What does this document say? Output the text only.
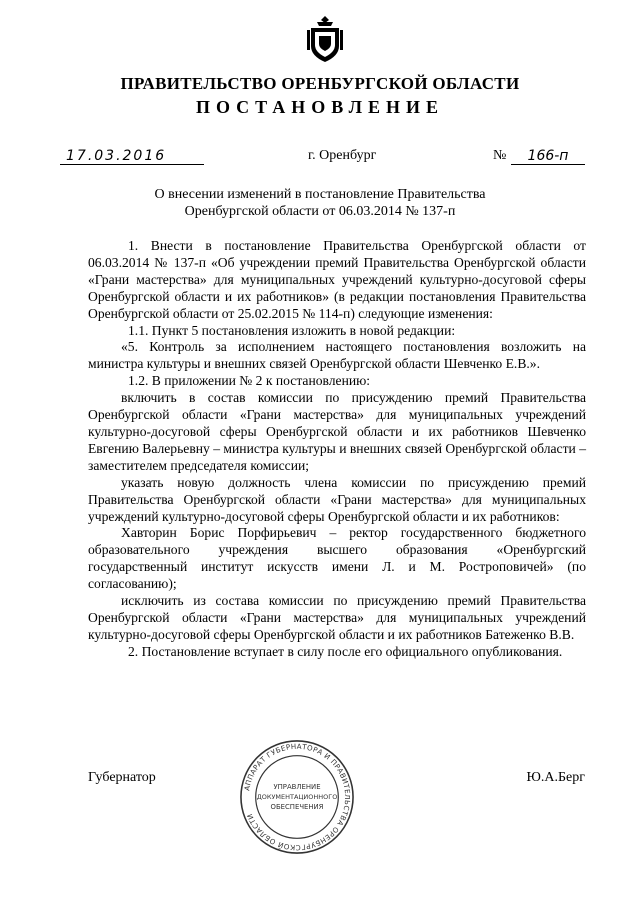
ПРАВИТЕЛЬСТВО ОРЕНБУРГСКОЙ ОБЛАСТИ
ПОСТАНОВЛЕНИЕ
17.03.2016	г. Оренбург	№	166-п
О внесении изменений в постановление Правительства
Оренбургской области от 06.03.2014 № 137-п

1. Внести в постановление Правительства Оренбургской области от 06.03.2014 № 137-п «Об учреждении премий Правительства Оренбургской области «Грани мастерства» для муниципальных учреждений культурно-досуговой сферы Оренбургской области и их работников» (в редакции постановления Правительства Оренбургской области от 25.02.2015 № 114-п) следующие изменения:

1.1. Пункт 5 постановления изложить в новой редакции:

«5. Контроль за исполнением настоящего постановления возложить на министра культуры и внешних связей Оренбургской области Шевченко Е.В.».

1.2. В приложении № 2 к постановлению:

включить в состав комиссии по присуждению премий Правительства Оренбургской области «Грани мастерства» для муниципальных учреждений культурно-досуговой сферы Оренбургской области и их работников Шевченко Евгению Валерьевну – министра культуры и внешних связей Оренбургской области – заместителем председателя комиссии;

указать новую должность члена комиссии по присуждению премий Правительства Оренбургской области «Грани мастерства» для муниципальных учреждений культурно-досуговой сферы Оренбургской области и их работников:

Хавторин Борис Порфирьевич – ректор государственного бюджетного образовательного учреждения высшего образования «Оренбургский государственный институт искусств имени Л. и М. Ростроповичей» (по согласованию);

исключить из состава комиссии по присуждению премий Правительства Оренбургской области «Грани мастерства» для муниципальных учреждений культурно-досуговой сферы Оренбургской области и их работников Батеженко В.В.

2. Постановление вступает в силу после его официального опубликования.

Губернатор	Ю.А.Берг
АППАРАТ ГУБЕРНАТОРА И ПРАВИТЕЛЬСТВА ОРЕНБУРГСКОЙ ОБЛАСТИ
УПРАВЛЕНИЕ
ДОКУМЕНТАЦИОННОГО
ОБЕСПЕЧЕНИЯ
